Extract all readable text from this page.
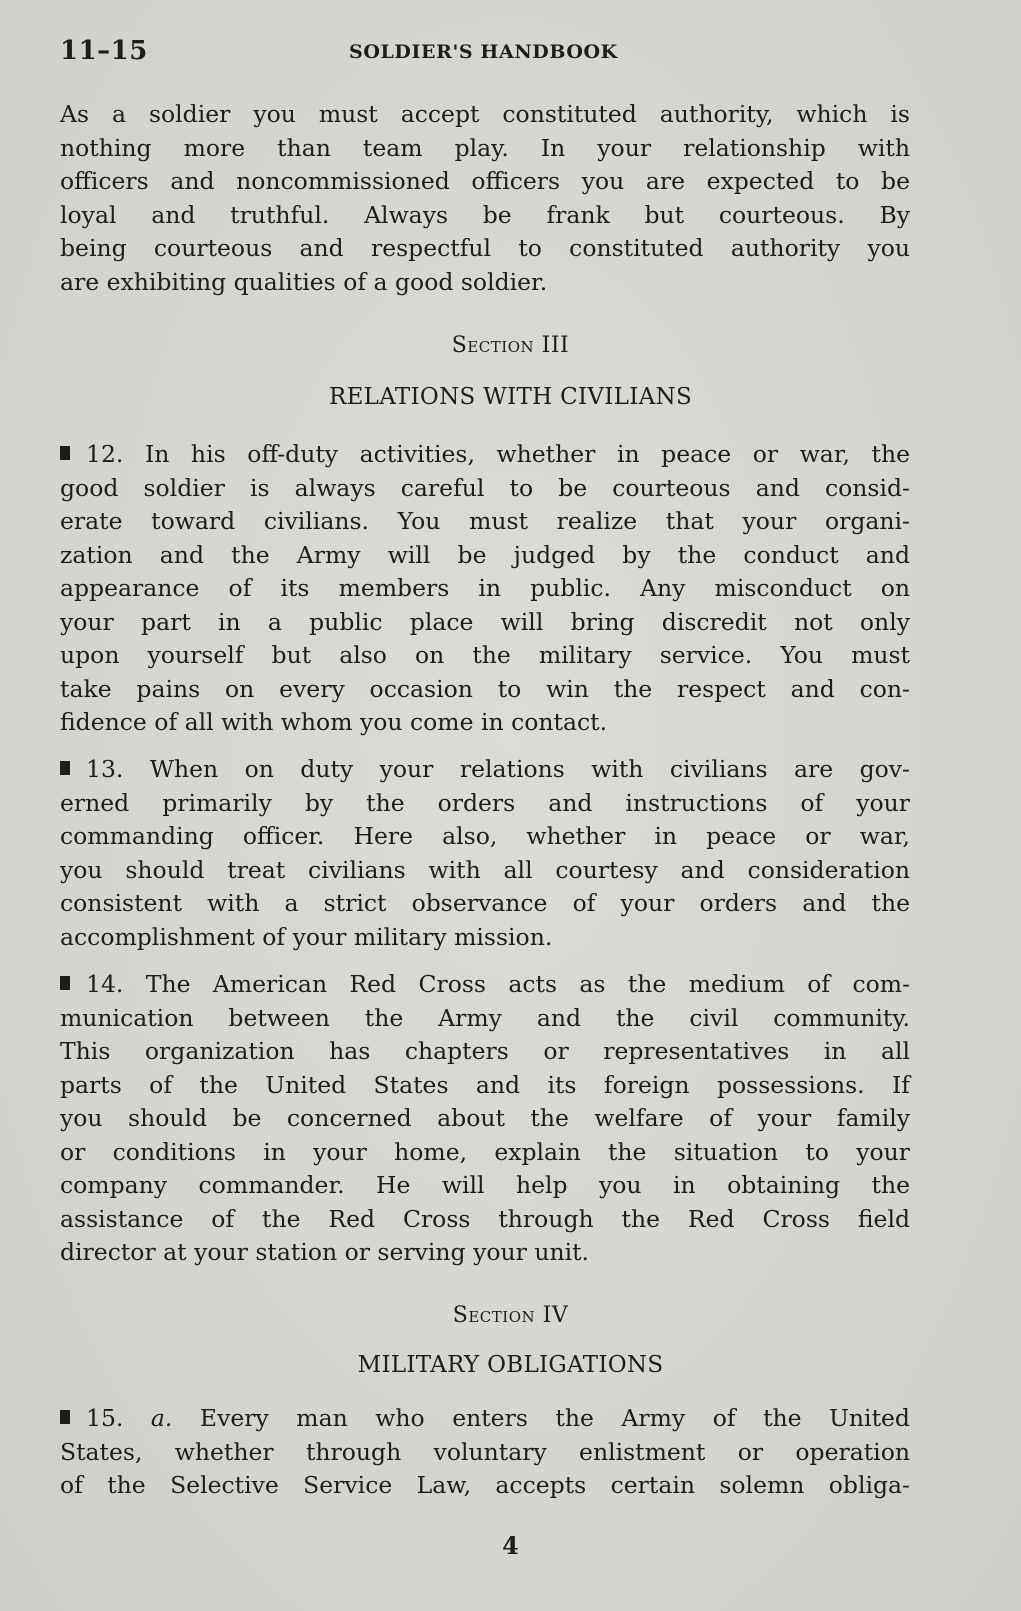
11–15	SOLDIER'S HANDBOOK
As a soldier you must accept constituted authority, which is
nothing more than team play. In your relationship with
officers and noncommissioned officers you are expected to be
loyal and truthful. Always be frank but courteous. By
being courteous and respectful to constituted authority you
are exhibiting qualities of a good soldier.
Section III
RELATIONS WITH CIVILIANS
12. In his off-duty activities, whether in peace or war, the
good soldier is always careful to be courteous and consid-
erate toward civilians. You must realize that your organi-
zation and the Army will be judged by the conduct and
appearance of its members in public. Any misconduct on
your part in a public place will bring discredit not only
upon yourself but also on the military service. You must
take pains on every occasion to win the respect and con-
fidence of all with whom you come in contact.
13. When on duty your relations with civilians are gov-
erned primarily by the orders and instructions of your
commanding officer. Here also, whether in peace or war,
you should treat civilians with all courtesy and consideration
consistent with a strict observance of your orders and the
accomplishment of your military mission.
14. The American Red Cross acts as the medium of com-
munication between the Army and the civil community.
This organization has chapters or representatives in all
parts of the United States and its foreign possessions. If
you should be concerned about the welfare of your family
or conditions in your home, explain the situation to your
company commander. He will help you in obtaining the
assistance of the Red Cross through the Red Cross field
director at your station or serving your unit.
Section IV
MILITARY OBLIGATIONS
15. a. Every man who enters the Army of the United
States, whether through voluntary enlistment or operation
of the Selective Service Law, accepts certain solemn obliga-
4
